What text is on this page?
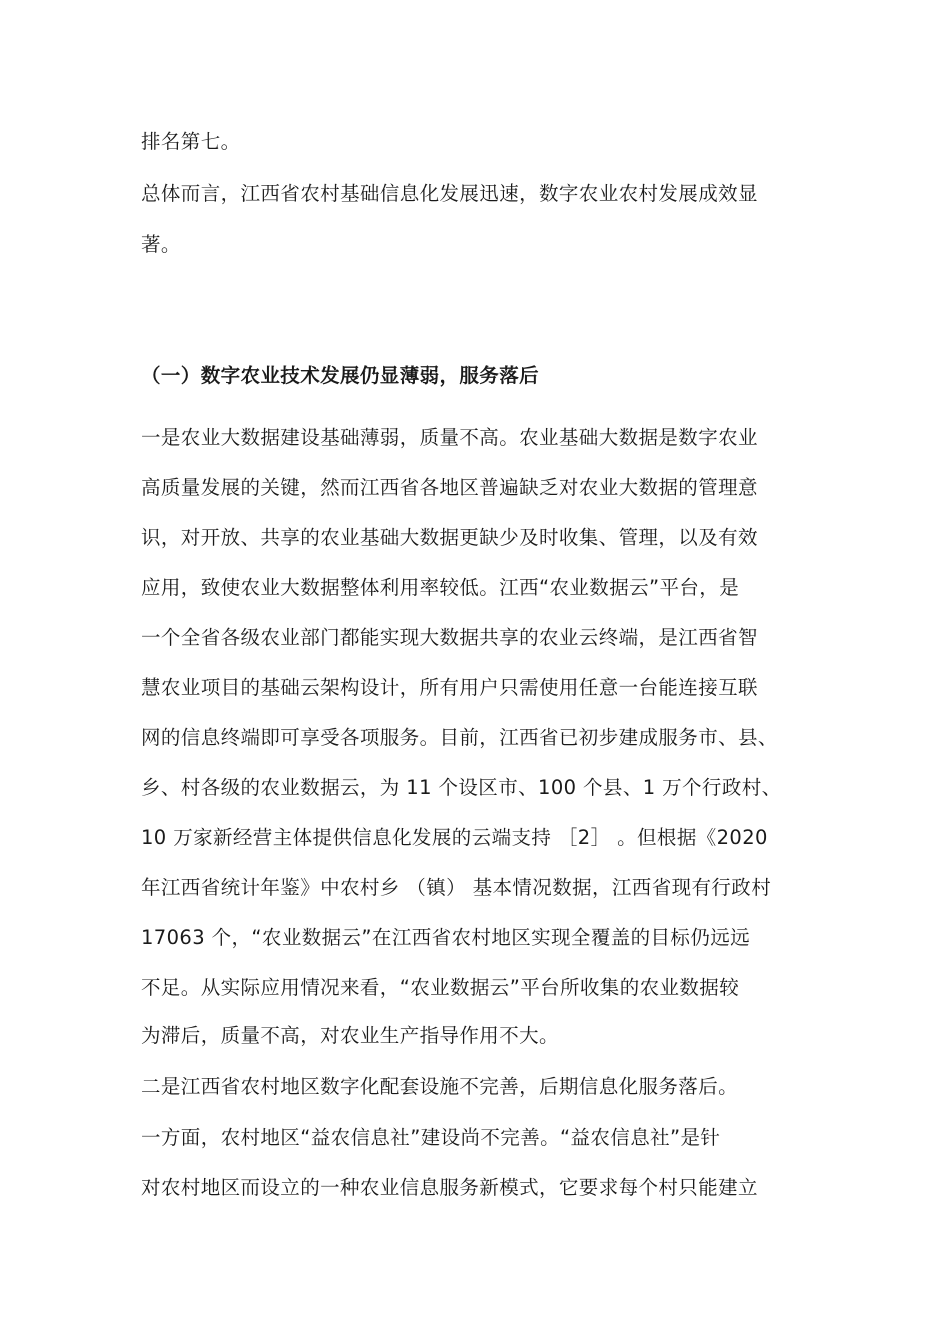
排名第七。
总体而言，江西省农村基础信息化发展迅速，数字农业农村发展成效显
著。
（一）数字农业技术发展仍显薄弱，服务落后
一是农业大数据建设基础薄弱，质量不高。农业基础大数据是数字农业
高质量发展的关键，然而江西省各地区普遍缺乏对农业大数据的管理意
识，对开放、共享的农业基础大数据更缺少及时收集、管理，以及有效
应用，致使农业大数据整体利用率较低。江西“农业数据云”平台，是
一个全省各级农业部门都能实现大数据共享的农业云终端，是江西省智
慧农业项目的基础云架构设计，所有用户只需使用任意一台能连接互联
网的信息终端即可享受各项服务。目前，江西省已初步建成服务市、县、
乡、村各级的农业数据云，为 11 个设区市、100 个县、1 万个行政村、
10 万家新经营主体提供信息化发展的云端支持 ［2］ 。但根据《2020
年江西省统计年鉴》中农村乡 （镇） 基本情况数据，江西省现有行政村
17063 个，“农业数据云”在江西省农村地区实现全覆盖的目标仍远远
不足。从实际应用情况来看，“农业数据云”平台所收集的农业数据较
为滞后，质量不高，对农业生产指导作用不大。
二是江西省农村地区数字化配套设施不完善，后期信息化服务落后。
一方面，农村地区“益农信息社”建设尚不完善。“益农信息社”是针
对农村地区而设立的一种农业信息服务新模式，它要求每个村只能建立
